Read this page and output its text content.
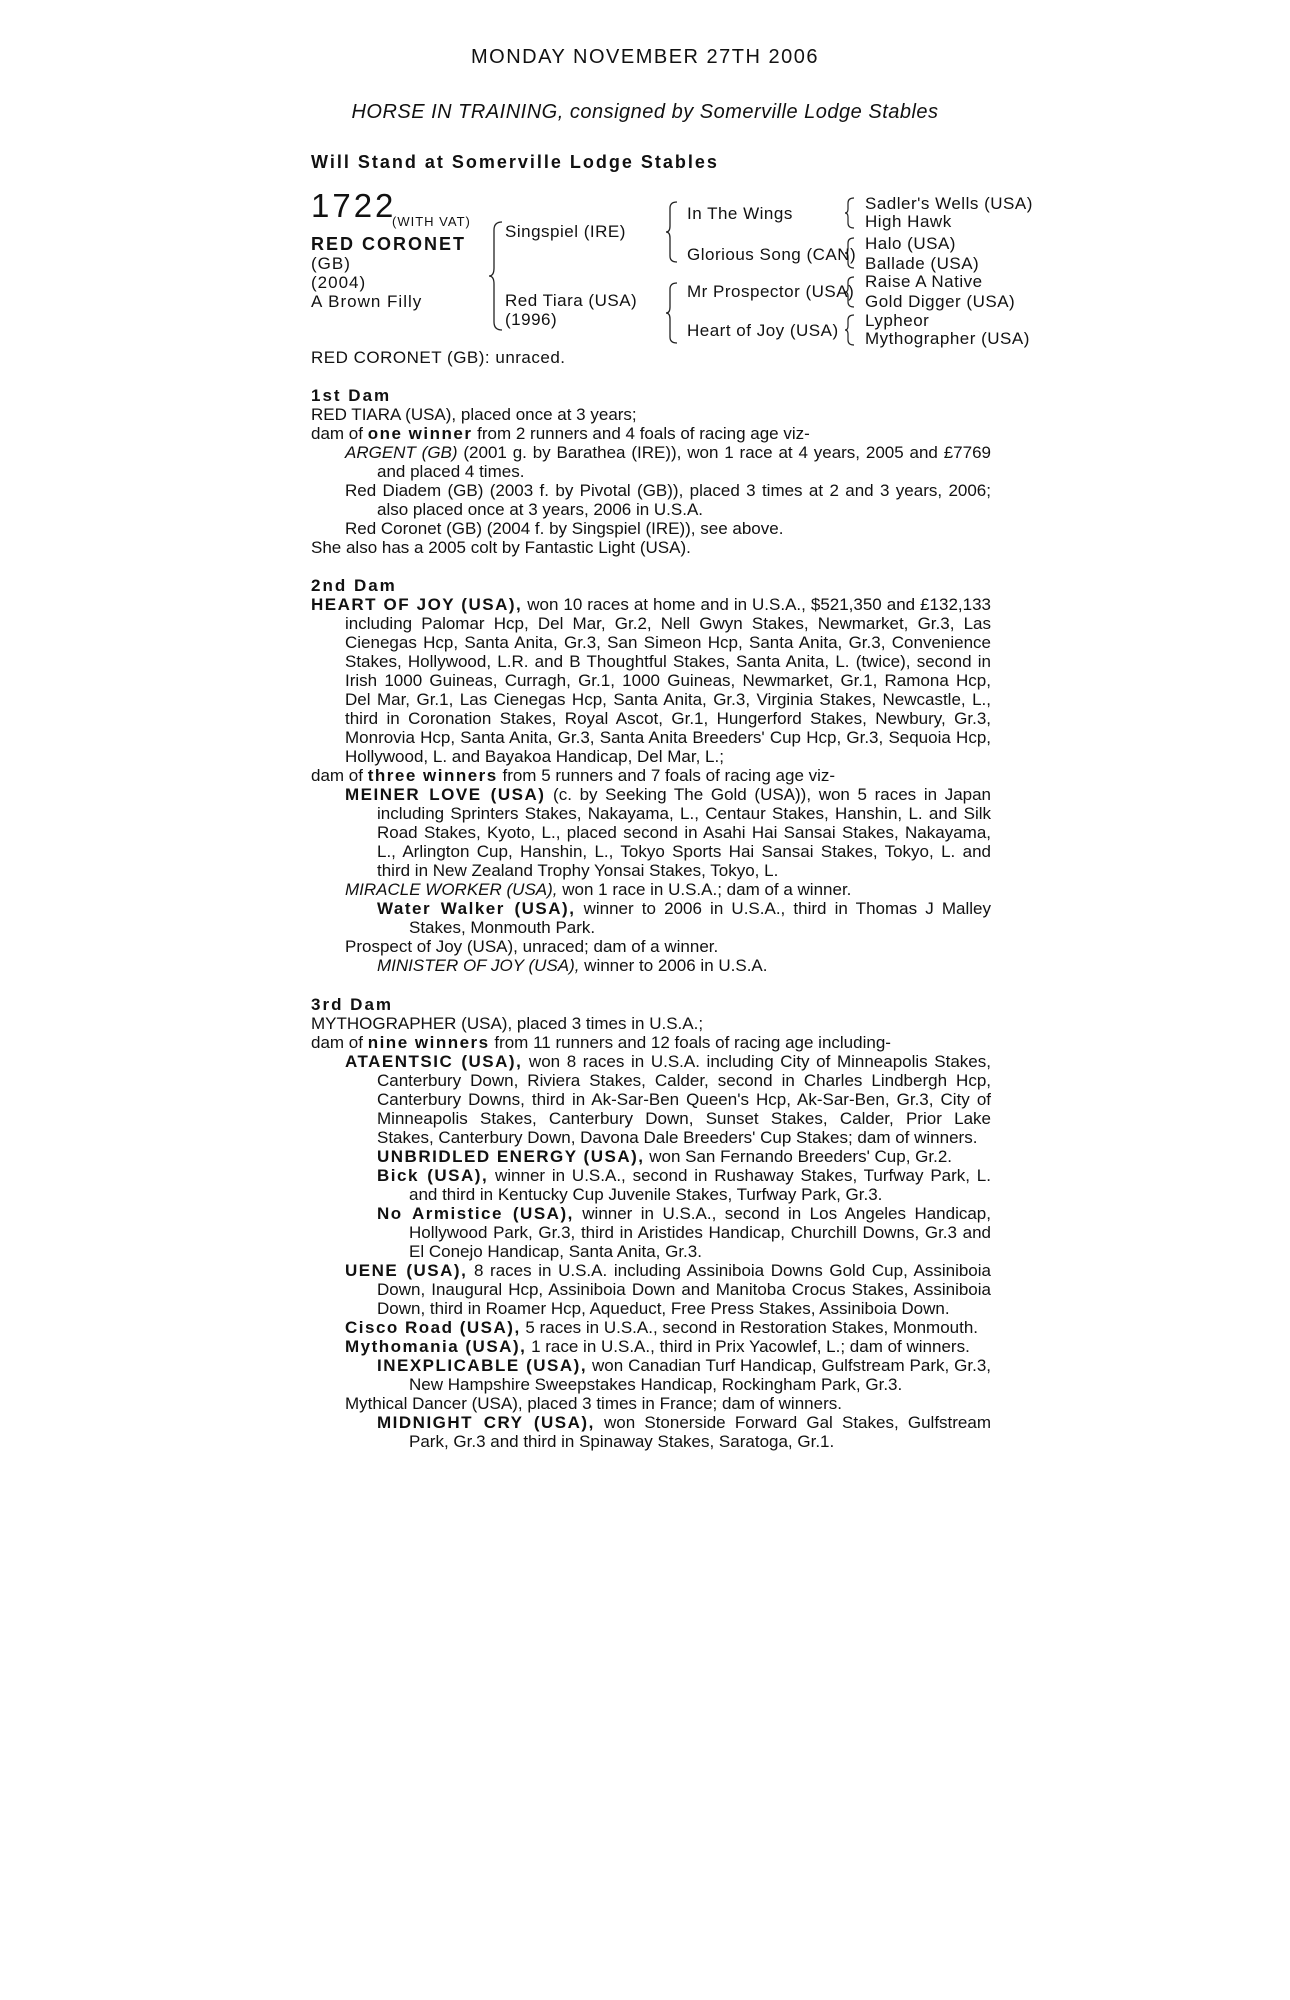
MONDAY NOVEMBER 27TH 2006
HORSE IN TRAINING, consigned by Somerville Lodge Stables
Will Stand at Somerville Lodge Stables
1722
(WITH VAT)
RED CORONET
(GB)
(2004)
A Brown Filly
Singspiel (IRE)
Red Tiara (USA)
(1996)
In The Wings
Glorious Song (CAN)
Mr Prospector (USA)
Heart of Joy (USA)
Sadler's Wells (USA)
High Hawk
Halo (USA)
Ballade (USA)
Raise A Native
Gold Digger (USA)
Lypheor
Mythographer (USA)
RED CORONET (GB): unraced.

1st Dam

RED TIARA (USA), placed once at 3 years;

dam of one winner from 2 runners and 4 foals of racing age viz-

ARGENT (GB) (2001 g. by Barathea (IRE)), won 1 race at 4 years, 2005 and £7769 and placed 4 times.

Red Diadem (GB) (2003 f. by Pivotal (GB)), placed 3 times at 2 and 3 years, 2006; also placed once at 3 years, 2006 in U.S.A.

Red Coronet (GB) (2004 f. by Singspiel (IRE)), see above.

She also has a 2005 colt by Fantastic Light (USA).

2nd Dam

HEART OF JOY (USA), won 10 races at home and in U.S.A., $521,350 and £132,133 including Palomar Hcp, Del Mar, Gr.2, Nell Gwyn Stakes, Newmarket, Gr.3, Las Cienegas Hcp, Santa Anita, Gr.3, San Simeon Hcp, Santa Anita, Gr.3, Convenience Stakes, Hollywood, L.R. and B Thoughtful Stakes, Santa Anita, L. (twice), second in Irish 1000 Guineas, Curragh, Gr.1, 1000 Guineas, Newmarket, Gr.1, Ramona Hcp, Del Mar, Gr.1, Las Cienegas Hcp, Santa Anita, Gr.3, Virginia Stakes, Newcastle, L., third in Coronation Stakes, Royal Ascot, Gr.1, Hungerford Stakes, Newbury, Gr.3, Monrovia Hcp, Santa Anita, Gr.3, Santa Anita Breeders' Cup Hcp, Gr.3, Sequoia Hcp, Hollywood, L. and Bayakoa Handicap, Del Mar, L.;

dam of three winners from 5 runners and 7 foals of racing age viz-

MEINER LOVE (USA) (c. by Seeking The Gold (USA)), won 5 races in Japan including Sprinters Stakes, Nakayama, L., Centaur Stakes, Hanshin, L. and Silk Road Stakes, Kyoto, L., placed second in Asahi Hai Sansai Stakes, Nakayama, L., Arlington Cup, Hanshin, L., Tokyo Sports Hai Sansai Stakes, Tokyo, L. and third in New Zealand Trophy Yonsai Stakes, Tokyo, L.

MIRACLE WORKER (USA), won 1 race in U.S.A.; dam of a winner.

Water Walker (USA), winner to 2006 in U.S.A., third in Thomas J Malley Stakes, Monmouth Park.

Prospect of Joy (USA), unraced; dam of a winner.

MINISTER OF JOY (USA), winner to 2006 in U.S.A.

3rd Dam

MYTHOGRAPHER (USA), placed 3 times in U.S.A.;

dam of nine winners from 11 runners and 12 foals of racing age including-

ATAENTSIC (USA), won 8 races in U.S.A. including City of Minneapolis Stakes, Canterbury Down, Riviera Stakes, Calder, second in Charles Lindbergh Hcp, Canterbury Downs, third in Ak-Sar-Ben Queen's Hcp, Ak-Sar-Ben, Gr.3, City of Minneapolis Stakes, Canterbury Down, Sunset Stakes, Calder, Prior Lake Stakes, Canterbury Down, Davona Dale Breeders' Cup Stakes; dam of winners.

UNBRIDLED ENERGY (USA), won San Fernando Breeders' Cup, Gr.2.

Bick (USA), winner in U.S.A., second in Rushaway Stakes, Turfway Park, L. and third in Kentucky Cup Juvenile Stakes, Turfway Park, Gr.3.

No Armistice (USA), winner in U.S.A., second in Los Angeles Handicap, Hollywood Park, Gr.3, third in Aristides Handicap, Churchill Downs, Gr.3 and El Conejo Handicap, Santa Anita, Gr.3.

UENE (USA), 8 races in U.S.A. including Assiniboia Downs Gold Cup, Assiniboia Down, Inaugural Hcp, Assiniboia Down and Manitoba Crocus Stakes, Assiniboia Down, third in Roamer Hcp, Aqueduct, Free Press Stakes, Assiniboia Down.

Cisco Road (USA), 5 races in U.S.A., second in Restoration Stakes, Monmouth.

Mythomania (USA), 1 race in U.S.A., third in Prix Yacowlef, L.; dam of winners.

INEXPLICABLE (USA), won Canadian Turf Handicap, Gulfstream Park, Gr.3, New Hampshire Sweepstakes Handicap, Rockingham Park, Gr.3.

Mythical Dancer (USA), placed 3 times in France; dam of winners.

MIDNIGHT CRY (USA), won Stonerside Forward Gal Stakes, Gulfstream Park, Gr.3 and third in Spinaway Stakes, Saratoga, Gr.1.
